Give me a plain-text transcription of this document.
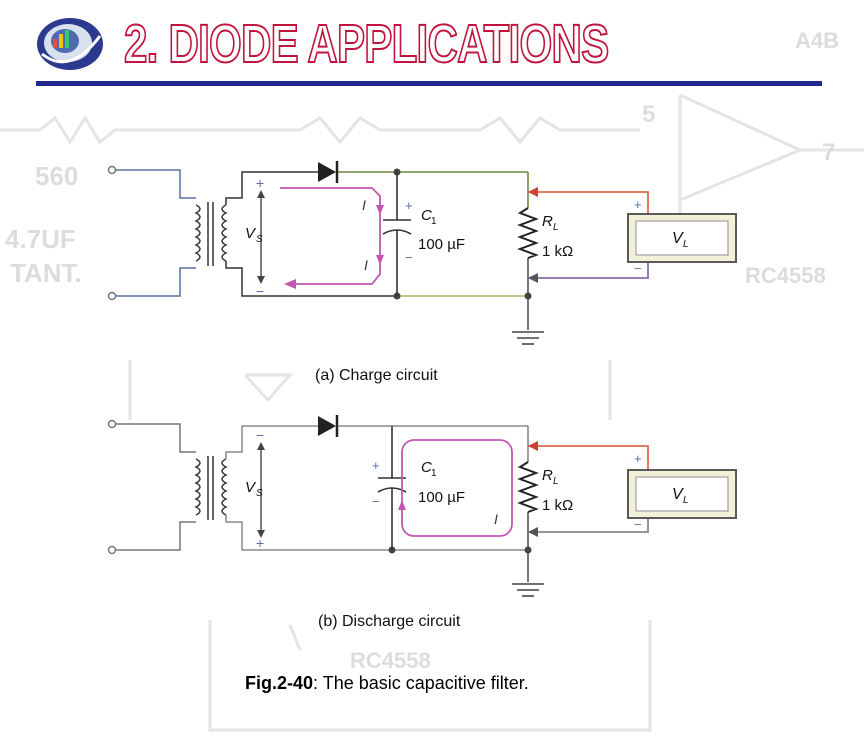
560
4.7UF
TANT.
A4B
5
7
RC4558
RC4558
2. DIODE APPLICATIONS
+
−
V S
I
I
+
−
C 1
100 µF
R L
1 kΩ
+
−
V L
−
+
V S
+
−
C 1
100 µF
I
R L
1 kΩ
+
−
V L
(a) Charge circuit
(b) Discharge circuit
Fig.2-40: The basic capacitive filter.
